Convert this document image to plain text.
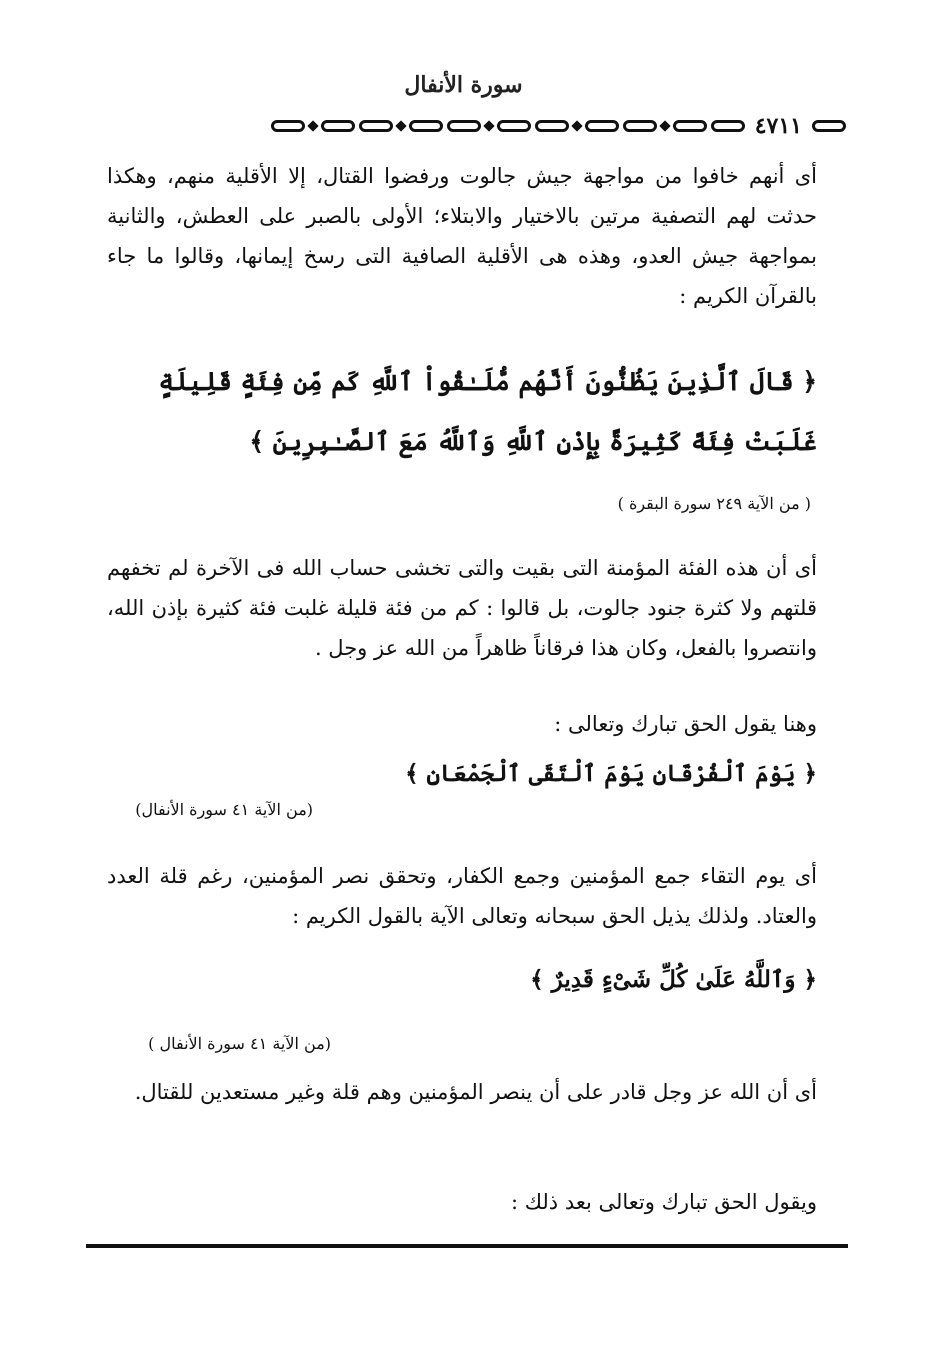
سورة الأنفال
٤٧١١

أى أنهم خافوا من مواجهة جيش جالوت ورفضوا القتال، إلا الأقلية منهم، وهكذا حدثت لهم التصفية مرتين بالاختيار والابتلاء؛ الأولى بالصبر على العطش، والثانية بمواجهة جيش العدو، وهذه هى الأقلية الصافية التى رسخ إيمانها، وقالوا ما جاء بالقرآن الكريم :

﴿ قَالَ ٱلَّذِينَ يَظُنُّونَ أَنَّهُم مُّلَـٰقُواْ ٱللَّهِ كَم مِّن فِئَةٍ قَلِيلَةٍ غَلَبَتْ فِئَةً كَثِيرَةً بِإِذْنِ ٱللَّهِ وَٱللَّهُ مَعَ ٱلصَّـٰبِرِينَ ﴾

( من الآية ٢٤٩ سورة البقرة )

أى أن هذه الفئة المؤمنة التى بقيت والتى تخشى حساب الله فى الآخرة لم تخفهم قلتهم ولا كثرة جنود جالوت، بل قالوا : كم من فئة قليلة غلبت فئة كثيرة بإذن الله، وانتصروا بالفعل، وكان هذا فرقاناً ظاهراً من الله عز وجل .

وهنا يقول الحق تبارك وتعالى :

﴿ يَوْمَ ٱلْفُرْقَانِ يَوْمَ ٱلْتَقَى ٱلْجَمْعَانِ ﴾

(من الآية ٤١ سورة الأنفال)

أى يوم التقاء جمع المؤمنين وجمع الكفار، وتحقق نصر المؤمنين، رغم قلة العدد والعتاد. ولذلك يذيل الحق سبحانه وتعالى الآية بالقول الكريم :

﴿ وَٱللَّهُ عَلَىٰ كُلِّ شَىْءٍ قَدِيرٌ ﴾

(من الآية ٤١ سورة الأنفال )

أى أن الله عز وجل قادر على أن ينصر المؤمنين وهم قلة وغير مستعدين للقتال.

ويقول الحق تبارك وتعالى بعد ذلك :
